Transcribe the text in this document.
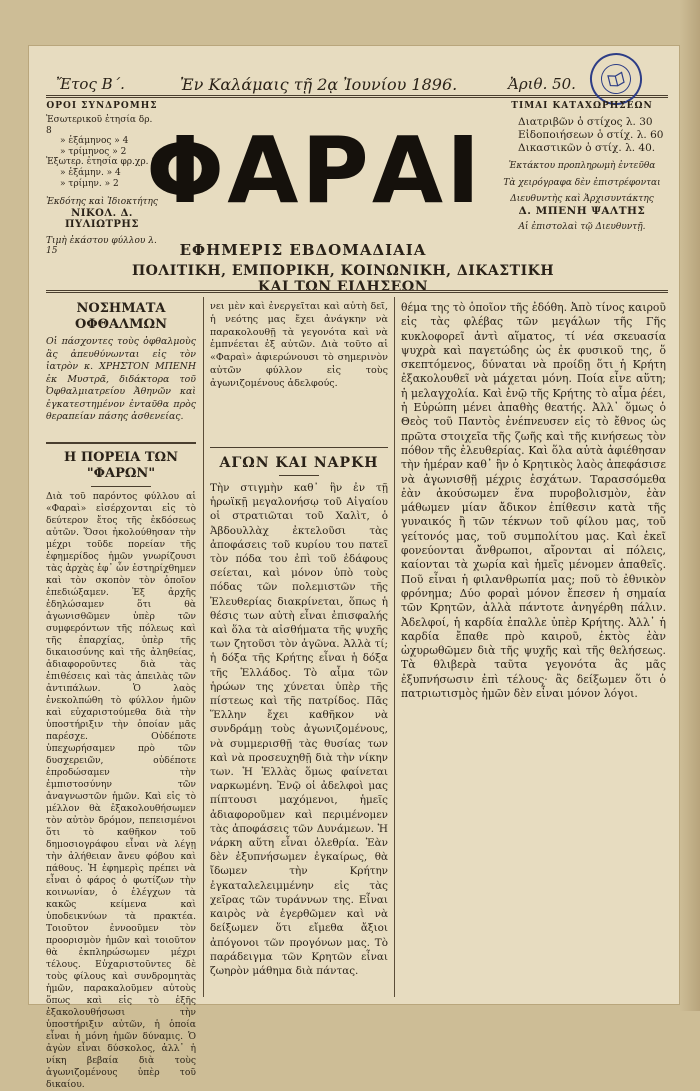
Ἔτος Β΄.	Ἐν Καλάμαις τῇ 2ᾳ Ἰουνίου 1896.	Ἀριθ. 50.
ΟΡΟΙ ΣΥΝΔΡΟΜΗΣ
Ἐσωτερικοῦ ἐτησία δρ. 8
» ἑξάμηνος » 4
» τρίμηνος » 2
Ἐξωτερ. ἐτησία φρ.χρ. 8
» ἑξάμην. » 4
» τρίμην. » 2
Ἐκδότης καὶ Ἰδιοκτήτης
ΝΙΚΟΛ. Δ. ΠΥΛΙΩΤΡΗΣ
Τιμὴ ἑκάστου φύλλου λ. 15
ΤΙΜΑΙ ΚΑΤΑΧΩΡΗΣΕΩΝ
Διατριβῶν ὁ στίχος λ. 30
Εἰδοποιήσεων ὁ στίχ. λ. 60
Δικαστικῶν ὁ στίχ. λ. 40.
Ἐκτάκτου προπληρωμὴ ἐντεῦθα
Τὰ χειρόγραφα δὲν ἐπιστρέφονται
Διευθυντὴς καὶ Ἀρχισυντάκτης
Δ. ΜΠΕΝΗ ΨΑΛΤΗΣ
Αἱ ἐπιστολαὶ τῷ Διευθυντῇ.
ΦΑΡΑΙ
ΕΦΗΜΕΡΙΣ ΕΒΔΟΜΑΔΙΑΙΑ
ΠΟΛΙΤΙΚΗ, ΕΜΠΟΡΙΚΗ, ΚΟΙΝΩΝΙΚΗ, ΔΙΚΑΣΤΙΚΗ ΚΑΙ ΤΩΝ ΕΙΔΗΣΕΩΝ
ΝΟΣΗΜΑΤΑ ΟΦΘΑΛΜΩΝ
Οἱ πάσχοντες τοὺς ὀφθαλμοὺς ἂς ἀπευθύνωνται εἰς τὸν ἰατρὸν κ. ΧΡΗΣΤΟΝ ΜΠΕΝΗ ἐκ Μυστρᾶ, διδάκτορα τοῦ Ὀφθαλμιατρείου Ἀθηνῶν καὶ ἐγκατεστημένον ἐνταῦθα πρὸς θεραπείαν πάσης ἀσθενείας.
Η ΠΟΡΕΙΑ ΤΩΝ "ΦΑΡΩΝ"
Διὰ τοῦ παρόντος φύλλου αἱ «Φαραὶ» εἰσέρχονται εἰς τὸ δεύτερον ἔτος τῆς ἐκδόσεως αὐτῶν. Ὅσοι ἠκολούθησαν τὴν μέχρι τοῦδε πορείαν τῆς ἐφημερίδος ἡμῶν γνωρίζουσι τὰς ἀρχὰς ἐφ᾽ ὧν ἐστηρίχθημεν καὶ τὸν σκοπὸν τὸν ὁποῖον ἐπεδιώξαμεν. Ἐξ ἀρχῆς ἐδηλώσαμεν ὅτι θὰ ἀγωνισθῶμεν ὑπὲρ τῶν συμφερόντων τῆς πόλεως καὶ τῆς ἐπαρχίας, ὑπὲρ τῆς δικαιοσύνης καὶ τῆς ἀληθείας, ἀδιαφοροῦντες διὰ τὰς ἐπιθέσεις καὶ τὰς ἀπειλὰς τῶν ἀντιπάλων. Ὁ λαὸς ἐνεκολπώθη τὸ φύλλον ἡμῶν καὶ εὐχαριστούμεθα διὰ τὴν ὑποστήριξιν τὴν ὁποίαν μᾶς παρέσχε. Οὐδέποτε ὑπεχωρήσαμεν πρὸ τῶν δυσχερειῶν, οὐδέποτε ἐπροδώσαμεν τὴν ἐμπιστοσύνην τῶν ἀναγνωστῶν ἡμῶν. Καὶ εἰς τὸ μέλλον θὰ ἐξακολουθήσωμεν τὸν αὐτὸν δρόμον, πεπεισμένοι ὅτι τὸ καθῆκον τοῦ δημοσιογράφου εἶναι νὰ λέγῃ τὴν ἀλήθειαν ἄνευ φόβου καὶ πάθους. Ἡ ἐφημερὶς πρέπει νὰ εἶναι ὁ φάρος ὁ φωτίζων τὴν κοινωνίαν, ὁ ἐλέγχων τὰ κακῶς κείμενα καὶ ὑποδεικνύων τὰ πρακτέα. Τοιοῦτον ἐννοοῦμεν τὸν προορισμὸν ἡμῶν καὶ τοιοῦτον θὰ ἐκπληρώσωμεν μέχρι τέλους. Εὐχαριστοῦντες δὲ τοὺς φίλους καὶ συνδρομητὰς ἡμῶν, παρακαλοῦμεν αὐτοὺς ὅπως καὶ εἰς τὸ ἑξῆς ἐξακολουθήσωσι τὴν ὑποστήριξιν αὐτῶν, ἡ ὁποία εἶναι ἡ μόνη ἡμῶν δύναμις. Ὁ ἀγὼν εἶναι δύσκολος, ἀλλ᾽ ἡ νίκη βεβαία διὰ τοὺς ἀγωνιζομένους ὑπὲρ τοῦ δικαίου.
νει μὲν καὶ ἐνεργεῖται καὶ αὐτὴ δεῖ, ἡ νεότης μας ἔχει ἀνάγκην νὰ παρακολουθῇ τὰ γεγονότα καὶ νὰ ἐμπνέεται ἐξ αὐτῶν. Διὰ τοῦτο αἱ «Φαραὶ» ἀφιερώνουσι τὸ σημερινὸν αὐτῶν φύλλον εἰς τοὺς ἀγωνιζομένους ἀδελφούς.
ΑΓΩΝ ΚΑΙ ΝΑΡΚΗ
Τὴν στιγμὴν καθ᾽ ἣν ἐν τῇ ἡρωϊκῇ μεγαλονήσῳ τοῦ Αἰγαίου οἱ στρατιῶται τοῦ Χαλὶτ, ὁ Ἀβδουλλὰχ ἐκτελοῦσι τὰς ἀποφάσεις τοῦ κυρίου του πατεῖ τὸν πόδα του ἐπὶ τοῦ ἐδάφους σείεται, καὶ μόνον ὑπὸ τοὺς πόδας τῶν πολεμιστῶν τῆς Ἐλευθερίας διακρίνεται, ὅπως ἡ θέσις των αὐτὴ εἶναι ἐπισφαλής καὶ ὅλα τὰ αἰσθήματα τῆς ψυχῆς των ζητοῦσι τὸν ἀγῶνα. Ἀλλὰ τί; ἡ δόξα τῆς Κρήτης εἶναι ἡ δόξα τῆς Ἑλλάδος. Τὸ αἷμα τῶν ἡρώων της χύνεται ὑπὲρ τῆς πίστεως καὶ τῆς πατρίδος. Πᾶς Ἕλλην ἔχει καθῆκον νὰ συνδράμῃ τοὺς ἀγωνιζομένους, νὰ συμμερισθῇ τὰς θυσίας των καὶ νὰ προσευχηθῇ διὰ τὴν νίκην των. Ἡ Ἑλλὰς ὅμως φαίνεται ναρκωμένη. Ἐνῷ οἱ ἀδελφοὶ μας πίπτουσι μαχόμενοι, ἡμεῖς ἀδιαφοροῦμεν καὶ περιμένομεν τὰς ἀποφάσεις τῶν Δυνάμεων. Ἡ νάρκη αὕτη εἶναι ὀλεθρία. Ἐὰν δὲν ἐξυπνήσωμεν ἐγκαίρως, θὰ ἴδωμεν τὴν Κρήτην ἐγκαταλελειμμένην εἰς τὰς χεῖρας τῶν τυράννων της. Εἶναι καιρὸς νὰ ἐγερθῶμεν καὶ νὰ δείξωμεν ὅτι εἴμεθα ἄξιοι ἀπόγονοι τῶν προγόνων μας. Τὸ παράδειγμα τῶν Κρητῶν εἶναι ζωηρὸν μάθημα διὰ πάντας.
θέμα της τὸ ὁποῖον τῆς ἐδόθη. Ἀπὸ τίνος καιροῦ εἰς τὰς φλέβας τῶν μεγάλων τῆς Γῆς κυκλοφορεῖ ἀντὶ αἵματος, τί νέα σκευασία ψυχρὰ καὶ παγετώδης ὡς ἐκ φυσικοῦ της, ὅ σκεπτόμενος, δύναται νὰ προίδῃ ὅτι ἡ Κρήτη ἐξακολουθεῖ νὰ μάχεται μόνη. Ποία εἶνε αὕτη; ἡ μελαγχολία. Καὶ ἐνῷ τῆς Κρήτης τὸ αἷμα ῥέει, ἡ Εὐρώπη μένει ἀπαθὴς θεατής. Ἀλλ᾽ ὅμως ὁ Θεὸς τοῦ Παντὸς ἐνέπνευσεν εἰς τὸ ἔθνος ὡς πρῶτα στοιχεῖα τῆς ζωῆς καὶ τῆς κινήσεως τὸν πόθον τῆς ἐλευθερίας. Καὶ ὅλα αὐτὰ ἀφιέθησαν τὴν ἡμέραν καθ᾽ ἣν ὁ Κρητικὸς λαὸς ἀπεφάσισε νὰ ἀγωνισθῇ μέχρις ἐσχάτων. Ταρασσόμεθα ἐὰν ἀκούσωμεν ἕνα πυροβολισμὸν, ἐὰν μάθωμεν μίαν ἄδικον ἐπίθεσιν κατὰ τῆς γυναικός ἢ τῶν τέκνων τοῦ φίλου μας, τοῦ γείτονός μας, τοῦ συμπολίτου μας. Καὶ ἐκεῖ φονεύονται ἄνθρωποι, αἴρονται αἱ πόλεις, καίονται τὰ χωρία καὶ ἡμεῖς μένομεν ἀπαθεῖς. Ποῦ εἶναι ἡ φιλανθρωπία μας; ποῦ τὸ ἐθνικὸν φρόνημα; Δύο φοραὶ μόνον ἔπεσεν ἡ σημαία τῶν Κρητῶν, ἀλλὰ πάντοτε ἀνηγέρθη πάλιν. Ἀδελφοί, ἡ καρδία ἐπαλλε ὑπὲρ Κρήτης. Ἀλλ᾽ ἡ καρδία ἔπαθε πρὸ καιροῦ, ἐκτὸς ἐὰν ὠχυρωθῶμεν διὰ τῆς ψυχῆς καὶ τῆς θελήσεως. Τὰ θλιβερὰ ταῦτα γεγονότα ἂς μᾶς ἐξυπνήσωσιν ἐπὶ τέλους· ἂς δείξωμεν ὅτι ὁ πατριωτισμὸς ἡμῶν δὲν εἶναι μόνον λόγοι.
